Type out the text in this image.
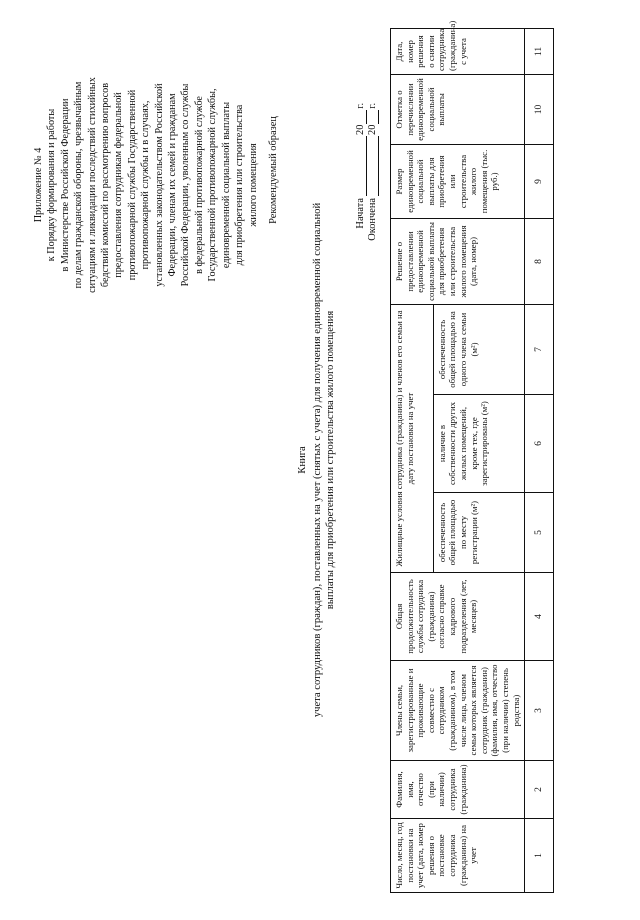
Приложение № 4 к Порядку формирования и работы в Министерстве Российской Федерации по делам гражданской обороны, чрезвычайным ситуациям и ликвидации последствий стихийных бедствий комиссий по рассмотрению вопросов предоставления сотрудникам федеральной противопожарной службы Государственной противопожарной службы и в случаях, установленных законодательством Российской Федерации, членам их семей и гражданам Российской Федерации, уволенным со службы в федеральной противопожарной службе Государственной противопожарной службы, единовременной социальной выплаты для приобретения или строительства жилого помещения Рекомендуемый образец
Книга учета сотрудников (граждан), поставленных на учет (снятых с учета) для получения единовременной социальной выплаты для приобретения или строительства жилого помещения
Начата
20
г.
Окончена
20
г.
Число, месяц, год постановки на учет (дата, номер решения о постановке сотрудника (гражданина) на учет	Фамилия, имя, отчество (при наличии) сотрудника (гражданина)	Члены семьи, зарегистрированные и проживающие совместно с сотрудником (гражданином), в том числе лица, членом семьи которых является сотрудник (гражданин) (фамилия, имя, отчество (при наличии) степень родства)	Общая продолжительность службы сотрудника (гражданина) согласно справке кадрового подразделения (лет, месяцев)	Жилищные условия сотрудника (гражданина) и членов его семьи на дату постановки на учет			Решение о предоставлении единовременной социальной выплаты для приобретения или строительства жилого помещения (дата, номер)	Размер единовременной социальной выплаты для приобретения или строительства жилого помещения (тыс. руб.)	Отметка о перечислении единовременной социальной выплаты	Дата, номер решения о снятии сотрудника (гражданина) с учета
				обеспеченность общей площадью по месту регистрации (м²)	наличие в собственности других жилых помещений, кроме тех, где зарегистрированы (м²)	обеспеченность общей площадью на одного члена семьи (м²)				
1	2	3	4	5	6	7	8	9	10	11
